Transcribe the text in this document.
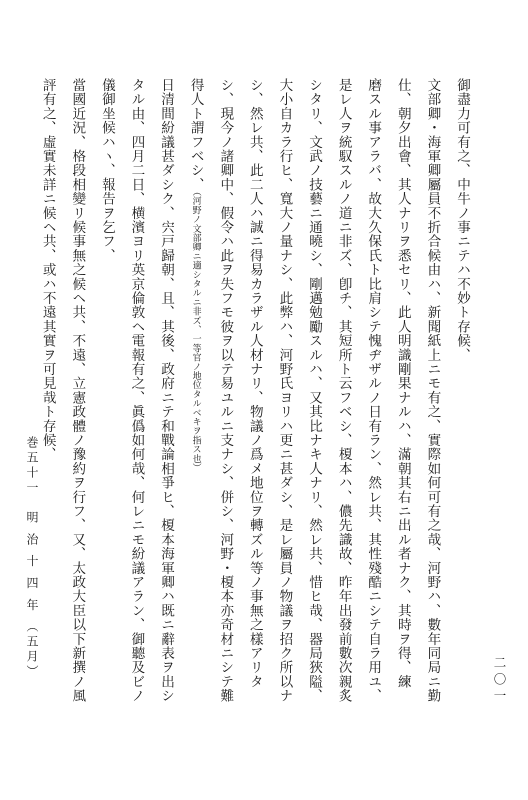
二〇一
御盡力可有之、中牛ノ事ニテハ不妙ト存候、
文部卿・海軍卿屬員不折合候由ハ、新聞紙上ニモ有之、實際如何可有之哉、河野ハ、數年同局ニ勤
仕、朝夕出會、其人ナリヲ悉セリ、此人明識剛果ナルハ、滿朝其右ニ出ル者ナク、其時ヲ得、練
磨スル事アラバ、故大久保氏ト比肩シテ愧ヂザルノ日有ラン、然レ共、其性殘酷ニシテ自ラ用ユ、
是レ人ヲ統馭スルノ道ニ非ズ、卽チ、其短所ト云フベシ、榎本ハ、儂先識故、昨年出發前數次親炙
シタリ、文武ノ技藝ニ通曉シ、剛邁勉勵スルハ、又其比ナキ人ナリ、然レ共、惜ヒ哉、器局狹隘、
大小自カラ行ヒ、寬大ノ量ナシ、此弊ハ、河野氏ヨリハ更ニ甚ダシ、是レ屬員ノ物議ヲ招ク所以ナ
シ、然レ共、此二人ハ誠ニ得易カラザル人材ナリ、物議ノ爲メ地位ヲ轉ズル等ノ事無之樣アリタ
シ、現今ノ諸卿中、假令ハ此ヲ失フモ彼ヲ以テ易ユルニ支ナシ、併シ、河野・榎本亦奇材ニシテ難
得人ト謂フベシ、（河野ノ文部卿ニ適シタルニ非ズ、一等官ノ地位タルベキヲ指ス也）
日清間紛議甚ダシク、宍戸歸朝、且、其後、政府ニテ和戰論相爭ヒ、榎本海軍卿ハ既ニ辭表ヲ出シ
タル由、四月二日、横濱ヨリ英京倫敦ヘ電報有之、眞僞如何哉、何レニモ紛議アラン、御聽及ビノ
儀御坐候ハヽ、報告ヲ乞フ、
當國近況、格段相變リ候事無之候ヘ共、不遠、立憲政體ノ豫約ヲ行フ、又、太政大臣以下新撰ノ風
評有之、虛實未詳ニ候ヘ共、或ハ不遠其實ヲ可見哉ト存候、
巻五十一　明 治 十 四 年 （五月）
